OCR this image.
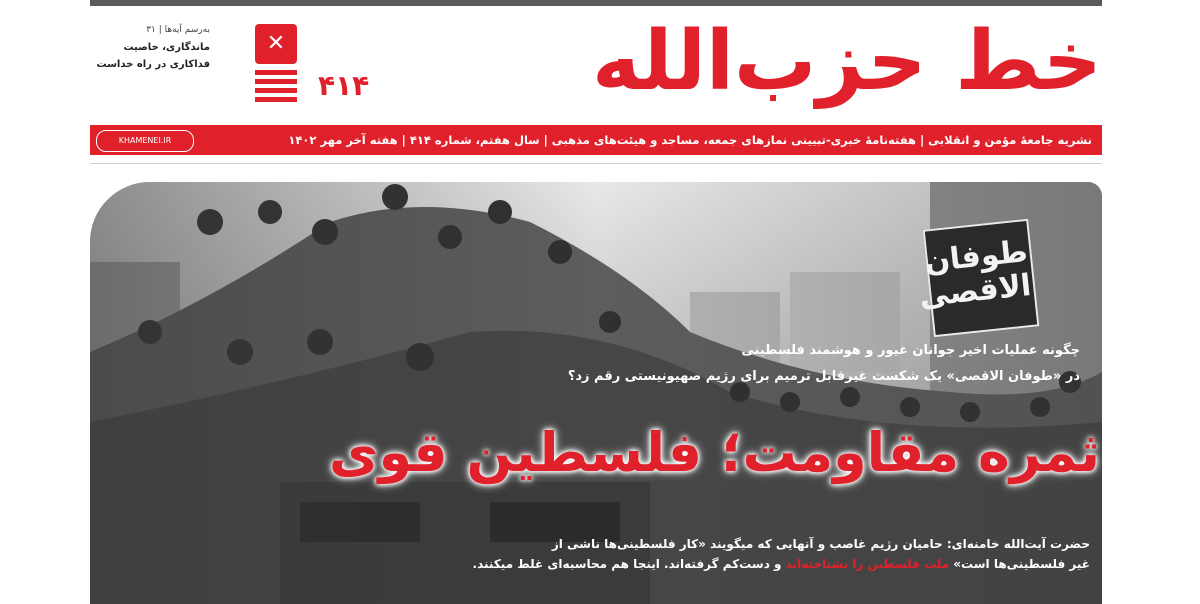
خط حزب‌الله
۴۱۴
✕
به‌رسم آیه‌ها | ۳۱
ماندگاری، خاصیت فداکاری در راه خداست
نشریه جامعهٔ مؤمن و انقلابی | هفته‌نامهٔ خبری-تبیینی نمازهای جمعه، مساجد و هیئت‌های مذهبی | سال هفتم، شماره ۴۱۴ | هفته آخر مهر ۱۴۰۲
KHAMENEI.IR
طوفان الاقصی
چگونه عملیات اخیر جوانان غیور و هوشمند فلسطینی
در «طوفان الاقصی» یک شکست غیرقابل ترمیم برای رژیم صهیونیستی رقم زد؟
ثمره مقاومت؛ فلسطین قوی
حضرت آیت‌الله خامنه‌ای: حامیان رژیم غاصب و آنهایی که میگویند «کار فلسطینی‌ها ناشی از
غیر فلسطینی‌ها است» ملت فلسطین را نشناخته‌اند و دست‌کم گرفته‌اند. اینجا هم محاسبه‌ای غلط میکنند.
